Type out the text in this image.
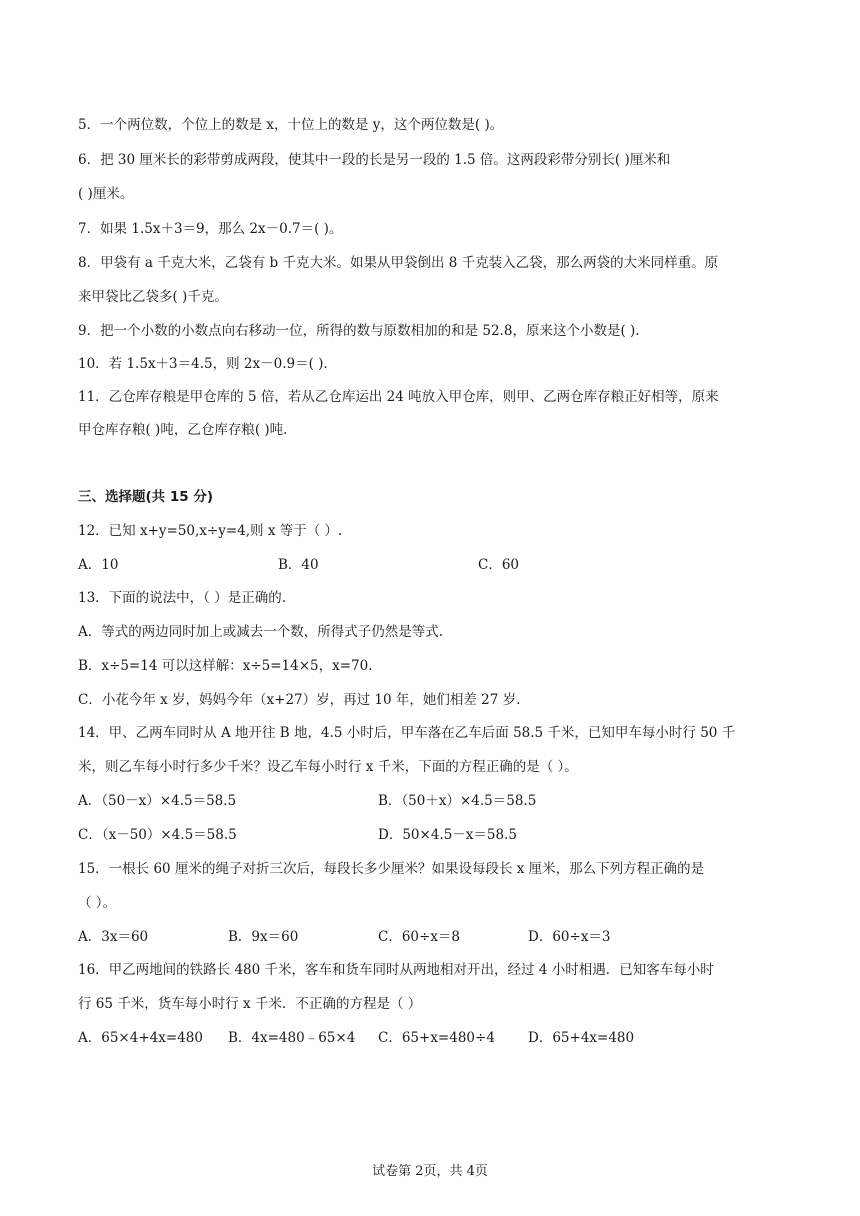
5．一个两位数，个位上的数是 x，十位上的数是 y，这个两位数是( )。
6．把 30 厘米长的彩带剪成两段，使其中一段的长是另一段的 1.5 倍。这两段彩带分别长( )厘米和
( )厘米。
7．如果 1.5x＋3＝9，那么 2x－0.7＝( )。
8．甲袋有 a 千克大米，乙袋有 b 千克大米。如果从甲袋倒出 8 千克装入乙袋，那么两袋的大米同样重。原
来甲袋比乙袋多( )千克。
9．把一个小数的小数点向右移动一位，所得的数与原数相加的和是 52.8，原来这个小数是( ).
10．若 1.5x＋3＝4.5，则 2x－0.9＝( ).
11．乙仓库存粮是甲仓库的 5 倍，若从乙仓库运出 24 吨放入甲仓库，则甲、乙两仓库存粮正好相等，原来
甲仓库存粮( )吨，乙仓库存粮( )吨.
三、选择题(共 15 分)
12．已知 x+y=50,x÷y=4,则 x 等于（ ）.
A．10	B．40	C．60
13．下面的说法中，（ ）是正确的.
A．等式的两边同时加上或减去一个数，所得式子仍然是等式.
B．x÷5=14 可以这样解：x÷5=14×5，x=70.
C．小花今年 x 岁，妈妈今年（x+27）岁，再过 10 年，她们相差 27 岁.
14．甲、乙两车同时从 A 地开往 B 地，4.5 小时后，甲车落在乙车后面 58.5 千米，已知甲车每小时行 50 千
米，则乙车每小时行多少千米？设乙车每小时行 x 千米，下面的方程正确的是（ ）。
A．（50－x）×4.5＝58.5	B．（50＋x）×4.5＝58.5
C．（x－50）×4.5＝58.5	D．50×4.5－x＝58.5
15．一根长 60 厘米的绳子对折三次后，每段长多少厘米？如果设每段长 x 厘米，那么下列方程正确的是
（ ）。
A．3x＝60	B．9x＝60	C．60÷x＝8	D．60÷x＝3
16．甲乙两地间的铁路长 480 千米，客车和货车同时从两地相对开出，经过 4 小时相遇．已知客车每小时
行 65 千米，货车每小时行 x 千米．不正确的方程是（ ）
A．65×4+4x=480 B．4x=480﹣65×4 C．65+x=480÷4 D．65+4x=480
试卷第 2页，共 4页
